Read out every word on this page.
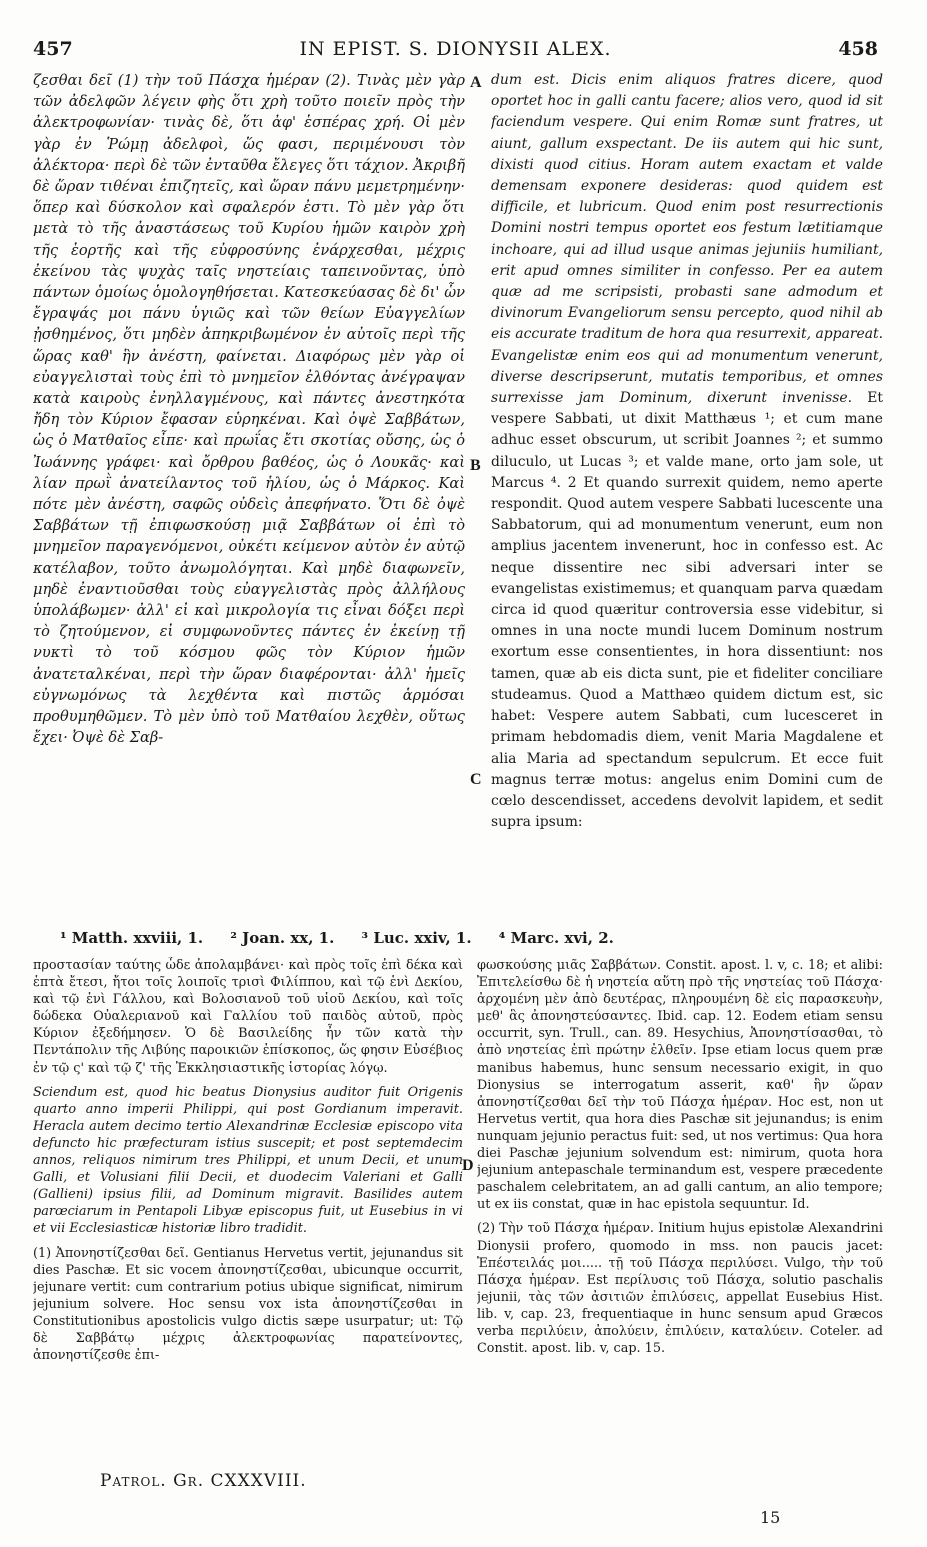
457	IN EPIST. S. DIONYSII ALEX.	458

ζεσθαι δεῖ (1) τὴν τοῦ Πάσχα ἡμέραν (2). Τινὰς μὲν γὰρ τῶν ἀδελφῶν λέγειν φὴς ὅτι χρὴ τοῦτο ποιεῖν πρὸς τὴν ἀλεκτροφωνίαν· τινὰς δὲ, ὅτι ἀφ' ἑσπέρας χρή. Οἱ μὲν γὰρ ἐν Ῥώμῃ ἀδελφοὶ, ὥς φασι, περιμένουσι τὸν ἀλέκτορα· περὶ δὲ τῶν ἐνταῦθα ἔλεγες ὅτι τάχιον. Ἀκριβῆ δὲ ὥραν τιθέναι ἐπιζητεῖς, καὶ ὥραν πάνυ μεμετρημένην· ὅπερ καὶ δύσκολον καὶ σφαλερόν ἐστι. Τὸ μὲν γὰρ ὅτι μετὰ τὸ τῆς ἀναστάσεως τοῦ Κυρίου ἡμῶν καιρὸν χρὴ τῆς ἑορτῆς καὶ τῆς εὐφροσύνης ἐνάρχεσθαι, μέχρις ἐκείνου τὰς ψυχὰς ταῖς νηστείαις ταπεινοῦντας, ὑπὸ πάντων ὁμοίως ὁμολογηθήσεται. Κατεσκεύασας δὲ δι' ὧν ἔγραψάς μοι πάνυ ὑγιῶς καὶ τῶν θείων Εὐαγγελίων ᾐσθημένος, ὅτι μηδὲν ἀπηκριβωμένον ἐν αὐτοῖς περὶ τῆς ὥρας καθ' ἣν ἀνέστη, φαίνεται. Διαφόρως μὲν γὰρ οἱ εὐαγγελισταὶ τοὺς ἐπὶ τὸ μνημεῖον ἐλθόντας ἀνέγραψαν κατὰ καιροὺς ἐνηλλαγμένους, καὶ πάντες ἀνεστηκότα ἤδη τὸν Κύριον ἔφασαν εὑρηκέναι. Καὶ ὀψὲ Σαββάτων, ὡς ὁ Ματθαῖος εἶπε· καὶ πρωΐας ἔτι σκοτίας οὔσης, ὡς ὁ Ἰωάννης γράφει· καὶ ὄρθρου βαθέος, ὡς ὁ Λουκᾶς· καὶ λίαν πρωῒ ἀνατείλαντος τοῦ ἡλίου, ὡς ὁ Μάρκος. Καὶ πότε μὲν ἀνέστη, σαφῶς οὐδεὶς ἀπεφήνατο. Ὅτι δὲ ὀψὲ Σαββάτων τῇ ἐπιφωσκούσῃ μιᾷ Σαββάτων οἱ ἐπὶ τὸ μνημεῖον παραγενόμενοι, οὐκέτι κείμενον αὐτὸν ἐν αὐτῷ κατέλαβον, τοῦτο ἀνωμολόγηται. Καὶ μηδὲ διαφωνεῖν, μηδὲ ἐναντιοῦσθαι τοὺς εὐαγγελιστὰς πρὸς ἀλλήλους ὑπολάβωμεν· ἀλλ' εἰ καὶ μικρολογία τις εἶναι δόξει περὶ τὸ ζητούμενον, εἰ συμφωνοῦντες πάντες ἐν ἐκείνῃ τῇ νυκτὶ τὸ τοῦ κόσμου φῶς τὸν Κύριον ἡμῶν ἀνατεταλκέναι, περὶ τὴν ὥραν διαφέρονται· ἀλλ' ἡμεῖς εὐγνωμόνως τὰ λεχθέντα καὶ πιστῶς ἁρμόσαι προθυμηθῶμεν. Τὸ μὲν ὑπὸ τοῦ Ματθαίου λεχθὲν, οὕτως ἔχει· Ὀψὲ δὲ Σαβ-

A
B
C
D

dum est. Dicis enim aliquos fratres dicere, quod oportet hoc in galli cantu facere; alios vero, quod id sit faciendum vespere. Qui enim Romæ sunt fratres, ut aiunt, gallum exspectant. De iis autem qui hic sunt, dixisti quod citius. Horam autem exactam et valde demensam exponere desideras: quod quidem est difficile, et lubricum. Quod enim post resurrectionis Domini nostri tempus oportet eos festum lætitiamque inchoare, qui ad illud usque animas jejuniis humiliant, erit apud omnes similiter in confesso. Per ea autem quæ ad me scripsisti, probasti sane admodum et divinorum Evangeliorum sensu percepto, quod nihil ab eis accurate traditum de hora qua resurrexit, appareat. Evangelistæ enim eos qui ad monumentum venerunt, diverse descripserunt, mutatis temporibus, et omnes surrexisse jam Dominum, dixerunt invenisse. Et vespere Sabbati, ut dixit Matthæus ¹; et cum mane adhuc esset obscurum, ut scribit Joannes ²; et summo diluculo, ut Lucas ³; et valde mane, orto jam sole, ut Marcus ⁴. 2 Et quando surrexit quidem, nemo aperte respondit. Quod autem vespere Sabbati lucescente una Sabbatorum, qui ad monumentum venerunt, eum non amplius jacentem invenerunt, hoc in confesso est. Ac neque dissentire nec sibi adversari inter se evangelistas existimemus; et quanquam parva quædam circa id quod quæritur controversia esse videbitur, si omnes in una nocte mundi lucem Dominum nostrum exortum esse consentientes, in hora dissentiunt: nos tamen, quæ ab eis dicta sunt, pie et fideliter conciliare studeamus. Quod a Matthæo quidem dictum est, sic habet: Vespere autem Sabbati, cum lucesceret in primam hebdomadis diem, venit Maria Magdalene et alia Maria ad spectandum sepulcrum. Et ecce fuit magnus terræ motus: angelus enim Domini cum de cœlo descendisset, accedens devolvit lapidem, et sedit supra ipsum:

¹ Matth. xxviii, 1. ² Joan. xx, 1. ³ Luc. xxiv, 1. ⁴ Marc. xvi, 2.

προστασίαν ταύτης ὧδε ἀπολαμβάνει· καὶ πρὸς τοῖς ἐπὶ δέκα καὶ ἑπτὰ ἔτεσι, ἤτοι τοῖς λοιποῖς τρισὶ Φιλίππου, καὶ τῷ ἑνὶ Δεκίου, καὶ τῷ ἑνὶ Γάλλου, καὶ Βολοσιανοῦ τοῦ υἱοῦ Δεκίου, καὶ τοῖς δώδεκα Οὐαλεριανοῦ καὶ Γαλλίου τοῦ παιδὸς αὐτοῦ, πρὸς Κύριον ἐξεδήμησεν. Ὁ δὲ Βασιλείδης ἦν τῶν κατὰ τὴν Πεντάπολιν τῆς Λιβύης παροικιῶν ἐπίσκοπος, ὥς φησιν Εὐσέβιος ἐν τῷ ς' καὶ τῷ ζ' τῆς Ἐκκλησιαστικῆς ἱστορίας λόγῳ.

Sciendum est, quod hic beatus Dionysius auditor fuit Origenis quarto anno imperii Philippi, qui post Gordianum imperavit. Heracla autem decimo tertio Alexandrinæ Ecclesiæ episcopo vita defuncto hic præfecturam istius suscepit; et post septemdecim annos, reliquos nimirum tres Philippi, et unum Decii, et unum Galli, et Volusiani filii Decii, et duodecim Valeriani et Galli (Gallieni) ipsius filii, ad Dominum migravit. Basilides autem parœciarum in Pentapoli Libyæ episcopus fuit, ut Eusebius in vi et vii Ecclesiasticæ historiæ libro tradidit.

(1) Ἀπονηστίζεσθαι δεῖ. Gentianus Hervetus vertit, jejunandus sit dies Paschæ. Et sic vocem ἀπονηστίζεσθαι, ubicunque occurrit, jejunare vertit: cum contrarium potius ubique significat, nimirum jejunium solvere. Hoc sensu vox ista ἀπονηστίζεσθαι in Constitutionibus apostolicis vulgo dictis sæpe usurpatur; ut: Τῷ δὲ Σαββάτῳ μέχρις ἀλεκτροφωνίας παρατείνοντες, ἀπονηστίζεσθε ἐπι-

φωσκούσης μιᾶς Σαββάτων. Constit. apost. l. v, c. 18; et alibi: Ἐπιτελείσθω δὲ ἡ νηστεία αὕτη πρὸ τῆς νηστείας τοῦ Πάσχα· ἀρχομένη μὲν ἀπὸ δευτέρας, πληρουμένη δὲ εἰς παρασκευὴν, μεθ' ἃς ἀπονηστεύσαντες. Ibid. cap. 12. Eodem etiam sensu occurrit, syn. Trull., can. 89. Hesychius, Ἀπονηστίσασθαι, τὸ ἀπὸ νηστείας ἐπὶ πρώτην ἐλθεῖν. Ipse etiam locus quem præ manibus habemus, hunc sensum necessario exigit, in quo Dionysius se interrogatum asserit, καθ' ἣν ὥραν ἀπονηστίζεσθαι δεῖ τὴν τοῦ Πάσχα ἡμέραν. Hoc est, non ut Hervetus vertit, qua hora dies Paschæ sit jejunandus; is enim nunquam jejunio peractus fuit: sed, ut nos vertimus: Qua hora diei Paschæ jejunium solvendum est: nimirum, quota hora jejunium antepaschale terminandum est, vespere præcedente paschalem celebritatem, an ad galli cantum, an alio tempore; ut ex iis constat, quæ in hac epistola sequuntur. Id.

(2) Τὴν τοῦ Πάσχα ἡμέραν. Initium hujus epistolæ Alexandrini Dionysii profero, quomodo in mss. non paucis jacet: Ἐπέστειλάς μοι..... τῇ τοῦ Πάσχα περιλύσει. Vulgo, τὴν τοῦ Πάσχα ἡμέραν. Est περίλυσις τοῦ Πάσχα, solutio paschalis jejunii, τὰς τῶν ἀσιτιῶν ἐπιλύσεις, appellat Eusebius Hist. lib. v, cap. 23, frequentiaque in hunc sensum apud Græcos verba περιλύειν, ἀπολύειν, ἐπιλύειν, καταλύειν. Coteler. ad Constit. apost. lib. v, cap. 15.

Patrol. Gr. CXXXVIII.
15
